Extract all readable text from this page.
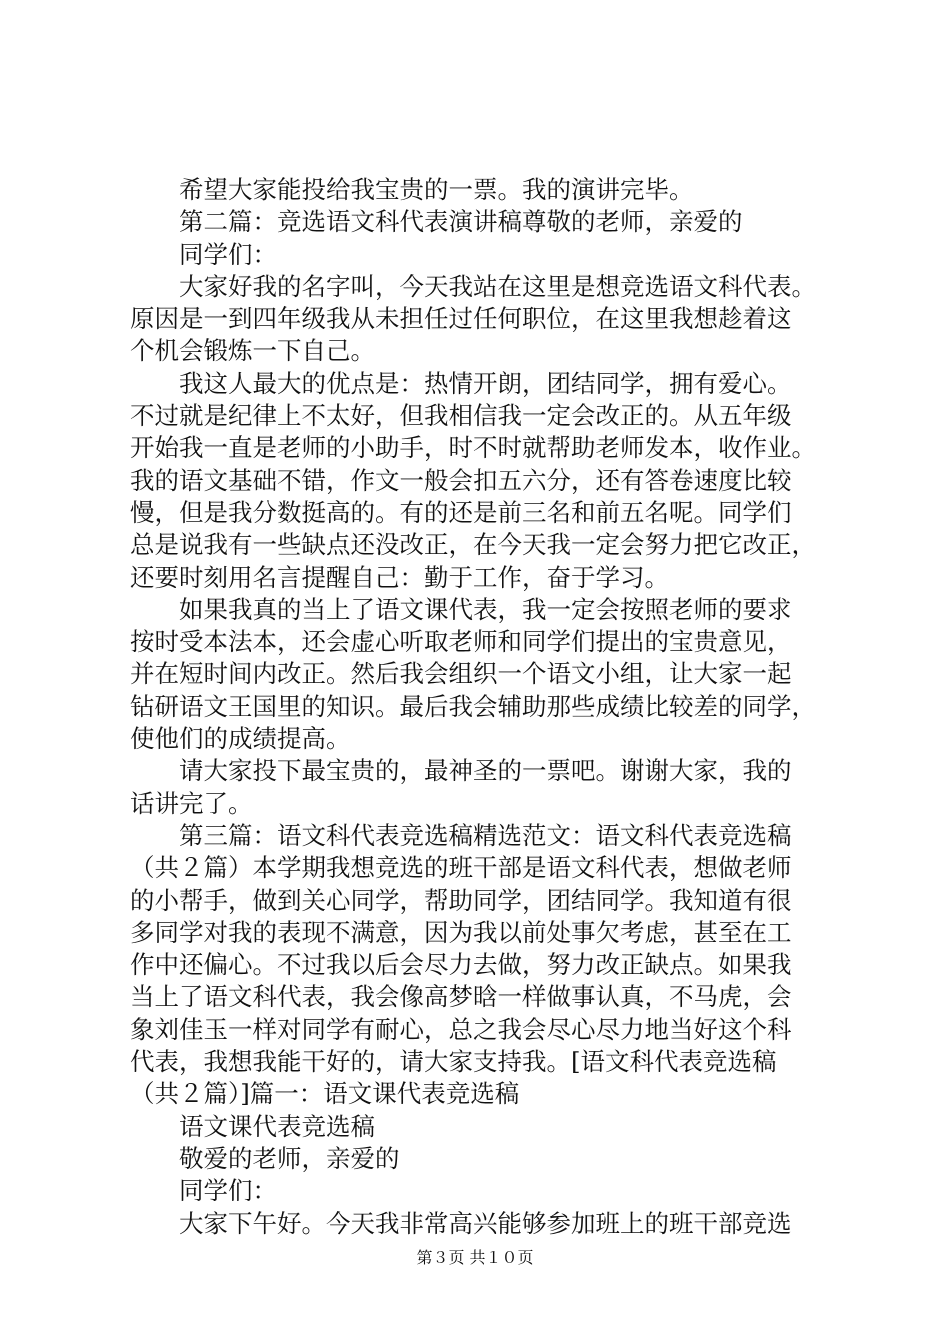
希望大家能投给我宝贵的一票。我的演讲完毕。
第二篇：竞选语文科代表演讲稿尊敬的老师，亲爱的
同学们：
大家好我的名字叫，今天我站在这里是想竞选语文科代表。
原因是一到四年级我从未担任过任何职位，在这里我想趁着这
个机会锻炼一下自己。
我这人最大的优点是：热情开朗，团结同学，拥有爱心。
不过就是纪律上不太好，但我相信我一定会改正的。从五年级
开始我一直是老师的小助手，时不时就帮助老师发本，收作业。
我的语文基础不错，作文一般会扣五六分，还有答卷速度比较
慢，但是我分数挺高的。有的还是前三名和前五名呢。同学们
总是说我有一些缺点还没改正，在今天我一定会努力把它改正，
还要时刻用名言提醒自己：勤于工作，奋于学习。
如果我真的当上了语文课代表，我一定会按照老师的要求
按时受本法本，还会虚心听取老师和同学们提出的宝贵意见，
并在短时间内改正。然后我会组织一个语文小组，让大家一起
钻研语文王国里的知识。最后我会辅助那些成绩比较差的同学，
使他们的成绩提高。
请大家投下最宝贵的，最神圣的一票吧。谢谢大家，我的
话讲完了。
第三篇：语文科代表竞选稿精选范文：语文科代表竞选稿
（共２篇）本学期我想竞选的班干部是语文科代表，想做老师
的小帮手，做到关心同学，帮助同学，团结同学。我知道有很
多同学对我的表现不满意，因为我以前处事欠考虑，甚至在工
作中还偏心。不过我以后会尽力去做，努力改正缺点。如果我
当上了语文科代表，我会像高梦晗一样做事认真，不马虎，会
象刘佳玉一样对同学有耐心，总之我会尽心尽力地当好这个科
代表，我想我能干好的，请大家支持我。[语文科代表竞选稿
（共２篇）]篇一：语文课代表竞选稿
语文课代表竞选稿
敬爱的老师，亲爱的
同学们：
大家下午好。今天我非常高兴能够参加班上的班干部竞选
第３页 共１０页
